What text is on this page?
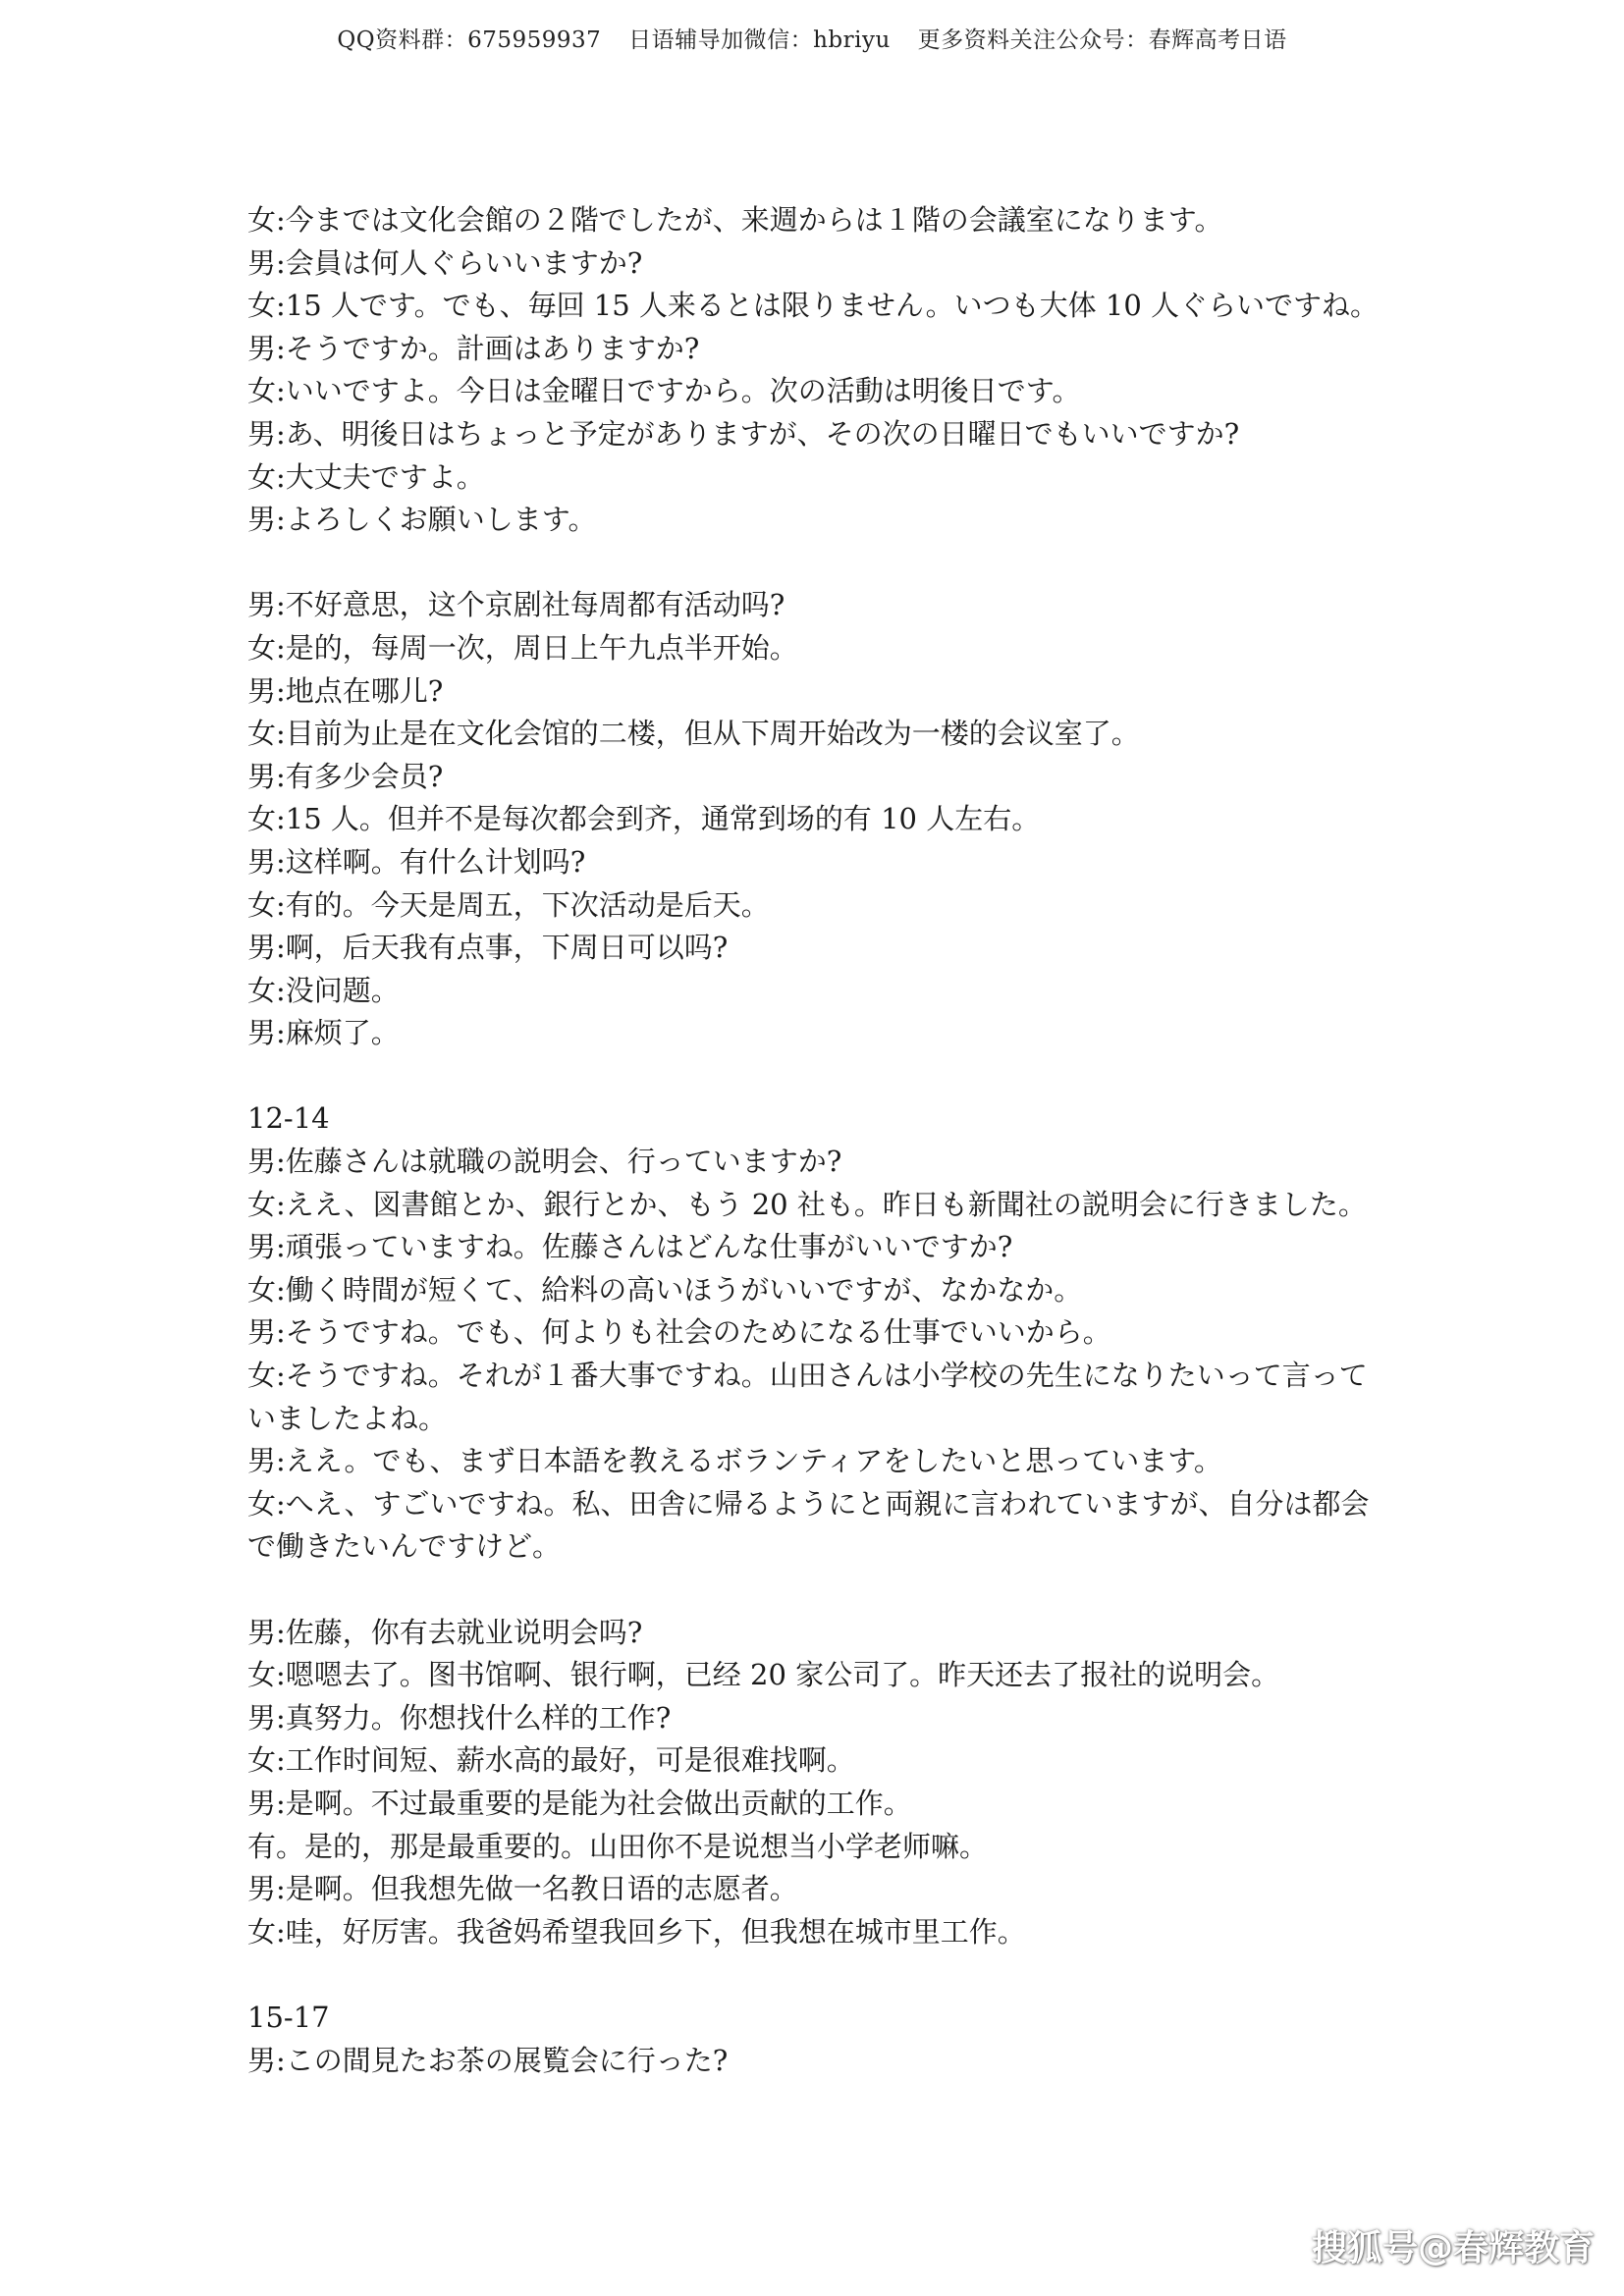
QQ资料群：675959937 日语辅导加微信：hbriyu 更多资料关注公众号：春辉高考日语
女:今までは文化会館の２階でしたが、来週からは１階の会議室になります。
男:会員は何人ぐらいいますか?
女:15 人です。でも、毎回 15 人来るとは限りません。いつも大体 10 人ぐらいですね。
男:そうですか。計画はありますか?
女:いいですよ。今日は金曜日ですから。次の活動は明後日です。
男:あ、明後日はちょっと予定がありますが、その次の日曜日でもいいですか?
女:大丈夫ですよ。
男:よろしくお願いします。
男:不好意思，这个京剧社每周都有活动吗?
女:是的，每周一次，周日上午九点半开始。
男:地点在哪儿?
女:目前为止是在文化会馆的二楼，但从下周开始改为一楼的会议室了。
男:有多少会员?
女:15 人。但并不是每次都会到齐，通常到场的有 10 人左右。
男:这样啊。有什么计划吗?
女:有的。今天是周五，下次活动是后天。
男:啊，后天我有点事，下周日可以吗?
女:没问题。
男:麻烦了。
12-14
男:佐藤さんは就職の説明会、行っていますか?
女:ええ、図書館とか、銀行とか、もう 20 社も。昨日も新聞社の説明会に行きました。
男:頑張っていますね。佐藤さんはどんな仕事がいいですか?
女:働く時間が短くて、給料の高いほうがいいですが、なかなか。
男:そうですね。でも、何よりも社会のためになる仕事でいいから。
女:そうですね。それが１番大事ですね。山田さんは小学校の先生になりたいって言って
いましたよね。
男:ええ。でも、まず日本語を教えるボランティアをしたいと思っています。
女:へえ、すごいですね。私、田舎に帰るようにと両親に言われていますが、自分は都会
で働きたいんですけど。
男:佐藤，你有去就业说明会吗?
女:嗯嗯去了。图书馆啊、银行啊，已经 20 家公司了。昨天还去了报社的说明会。
男:真努力。你想找什么样的工作?
女:工作时间短、薪水高的最好，可是很难找啊。
男:是啊。不过最重要的是能为社会做出贡献的工作。
有。是的，那是最重要的。山田你不是说想当小学老师嘛。
男:是啊。但我想先做一名教日语的志愿者。
女:哇，好厉害。我爸妈希望我回乡下，但我想在城市里工作。
15-17
男:この間見たお茶の展覧会に行った?
搜狐号@春辉教育
